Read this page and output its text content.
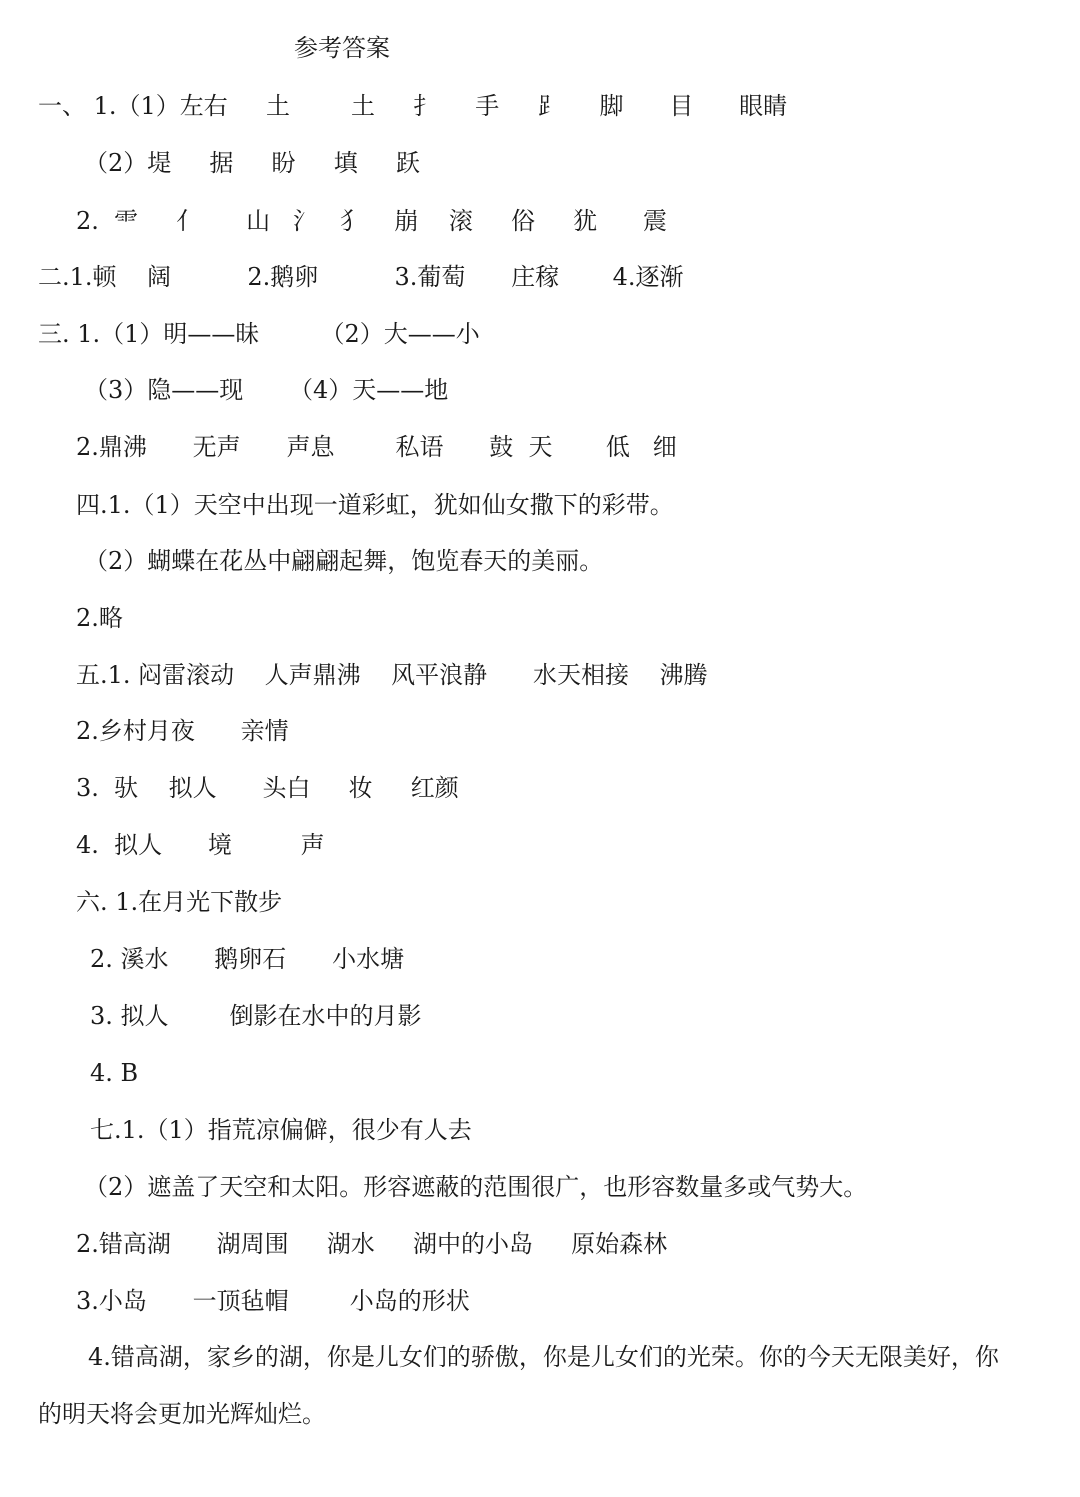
参考答案
一、 1.（1）左右     土        土     扌     手     ⻊     脚      目      眼睛
（2）堤     据     盼     填     跃
2.  ⻗     亻      山   氵   犭    崩    滚     俗     犹      震
二.1.顿    阔          2.鹅卵          3.葡萄      庄稼       4.逐渐
三. 1.（1）明——昧        （2）大——小
（3）隐——现      （4）天——地
2.鼎沸      无声      声息        私语      鼓  天       低   细
四.1.（1）天空中出现一道彩虹，犹如仙女撒下的彩带。
（2）蝴蝶在花丛中翩翩起舞，饱览春天的美丽。
2.略
五.1. 闷雷滚动    人声鼎沸    风平浪静      水天相接    沸腾
2.乡村月夜      亲情
3.  驮    拟人      头白     妆     红颜
4.  拟人      境         声
六. 1.在月光下散步
2. 溪水      鹅卵石      小水塘
3. 拟人        倒影在水中的月影
4. B
七.1.（1）指荒凉偏僻，很少有人去
（2）遮盖了天空和太阳。形容遮蔽的范围很广，也形容数量多或气势大。
2.错高湖      湖周围     湖水     湖中的小岛     原始森林
3.小岛      一顶毡帽        小岛的形状
4.错高湖，家乡的湖，你是儿女们的骄傲，你是儿女们的光荣。你的今天无限美好，你
的明天将会更加光辉灿烂。
